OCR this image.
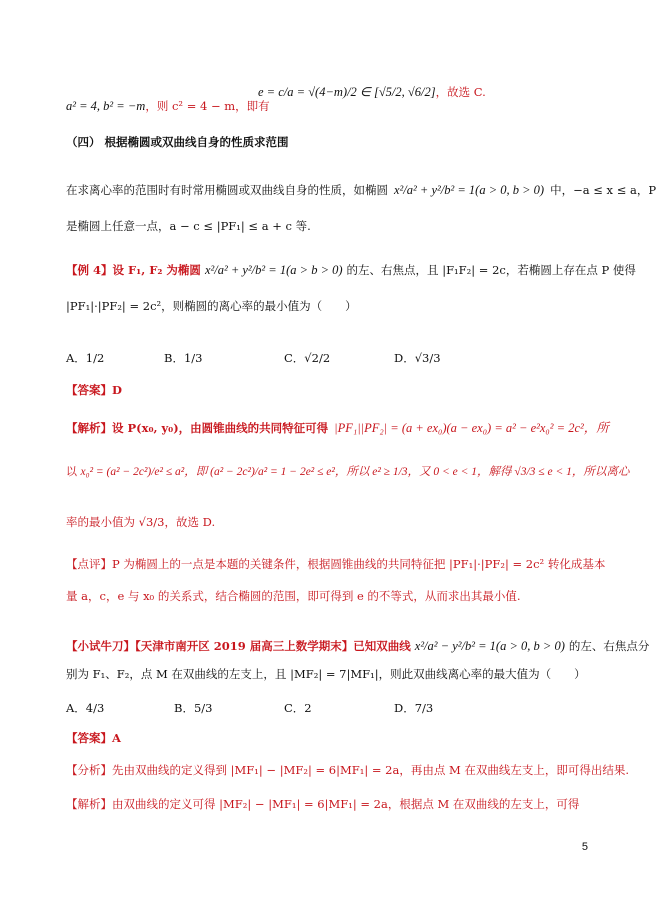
a² = 4, b² = −m，则 c² = 4 − m，即有
e = c/a = √(4−m)/2 ∈ [√5/2, √6/2]，故选 C.
（四） 根据椭圆或双曲线自身的性质求范围
在求离心率的范围时有时常用椭圆或双曲线自身的性质，如椭圆 x²/a² + y²/b² = 1(a > 0, b > 0) 中，−a ≤ x ≤ a，P
是椭圆上任意一点，a − c ≤ |PF₁| ≤ a + c 等.
【例 4】设 F₁, F₂ 为椭圆 x²/a² + y²/b² = 1(a > b > 0) 的左、右焦点，且 |F₁F₂| = 2c，若椭圆上存在点 P 使得
|PF₁|·|PF₂| = 2c²，则椭圆的离心率的最小值为（　　）
A．1/2	B．1/3	C．√2/2	D．√3/3
【答案】D
【解析】设 P(x₀, y₀)，由圆锥曲线的共同特征可得 |PF₁||PF₂| = (a + ex₀)(a − ex₀) = a² − e²x₀² = 2c²，所
以 x₀² = (a² − 2c²)/e² ≤ a²，即 (a² − 2c²)/a² = 1 − 2e² ≤ e²，所以 e² ≥ 1/3，又 0 < e < 1，解得 √3/3 ≤ e < 1，所以离心
率的最小值为 √3/3，故选 D.
【点评】P 为椭圆上的一点是本题的关键条件，根据圆锥曲线的共同特征把 |PF₁|·|PF₂| = 2c² 转化成基本
量 a，c，e 与 x₀ 的关系式，结合椭圆的范围，即可得到 e 的不等式，从而求出其最小值.
【小试牛刀】【天津市南开区 2019 届高三上数学期末】已知双曲线 x²/a² − y²/b² = 1(a > 0, b > 0) 的左、右焦点分
别为 F₁、F₂，点 M 在双曲线的左支上，且 |MF₂| = 7|MF₁|，则此双曲线离心率的最大值为（　　）
A．4/3	B．5/3	C．2	D．7/3
【答案】A
【分析】先由双曲线的定义得到 |MF₁| − |MF₂| = 6|MF₁| = 2a，再由点 M 在双曲线左支上，即可得出结果.
【解析】由双曲线的定义可得 |MF₂| − |MF₁| = 6|MF₁| = 2a，根据点 M 在双曲线的左支上，可得
5
